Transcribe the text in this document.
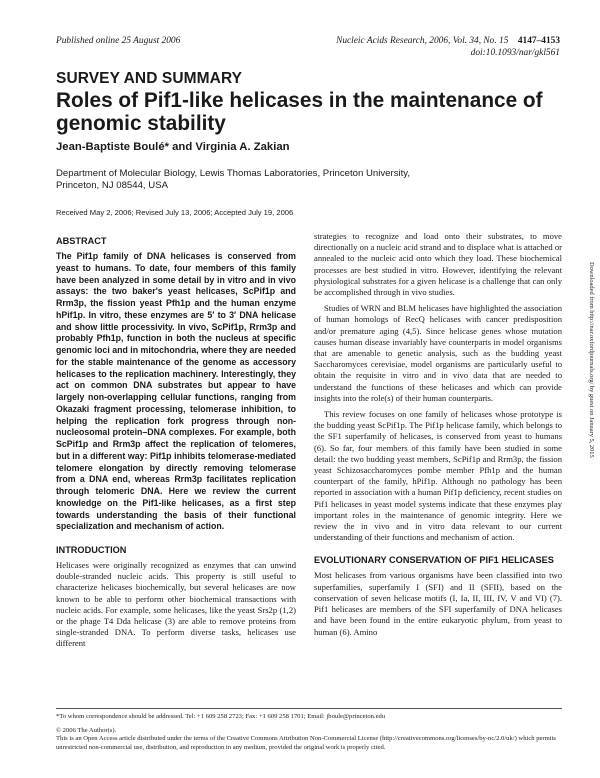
Published online 25 August 2006	Nucleic Acids Research, 2006, Vol. 34, No. 15 4147–4153
doi:10.1093/nar/gkl561
SURVEY AND SUMMARY
Roles of Pif1-like helicases in the maintenance of genomic stability
Jean-Baptiste Boulé* and Virginia A. Zakian
Department of Molecular Biology, Lewis Thomas Laboratories, Princeton University, Princeton, NJ 08544, USA
Received May 2, 2006; Revised July 13, 2006; Accepted July 19, 2006
ABSTRACT

The Pif1p family of DNA helicases is conserved from yeast to humans. To date, four members of this family have been analyzed in some detail by in vitro and in vivo assays: the two baker's yeast helicases, ScPif1p and Rrm3p, the fission yeast Pfh1p and the human enzyme hPif1p. In vitro, these enzymes are 5′ to 3′ DNA helicase and show little processivity. In vivo, ScPif1p, Rrm3p and probably Pfh1p, function in both the nucleus at specific genomic loci and in mitochondria, where they are needed for the stable maintenance of the genome as accessory helicases to the replication machinery. Interestingly, they act on common DNA substrates but appear to have largely non-overlapping cellular functions, ranging from Okazaki fragment processing, telomerase inhibition, to helping the replication fork progress through non-nucleosomal protein–DNA complexes. For example, both ScPif1p and Rrm3p affect the replication of telomeres, but in a different way: Pif1p inhibits telomerase-mediated telomere elongation by directly removing telomerase from a DNA end, whereas Rrm3p facilitates replication through telomeric DNA. Here we review the current knowledge on the Pif1-like helicases, as a first step towards understanding the basis of their functional specialization and mechanism of action.

INTRODUCTION

Helicases were originally recognized as enzymes that can unwind double-stranded nucleic acids. This property is still useful to characterize helicases biochemically, but several helicases are now known to be able to perform other biochemical transactions with nucleic acids. For example, some helicases, like the yeast Srs2p (1,2) or the phage T4 Dda helicase (3) are able to remove proteins from single-stranded DNA. To perform diverse tasks, helicases use different

strategies to recognize and load onto their substrates, to move directionally on a nucleic acid strand and to displace what is attached or annealed to the nucleic acid onto which they load. These biochemical processes are best studied in vitro. However, identifying the relevant physiological substrates for a given helicase is a challenge that can only be accomplished through in vivo studies.

Studies of WRN and BLM helicases have highlighted the association of human homologs of RecQ helicases with cancer predisposition and/or premature aging (4,5). Since helicase genes whose mutation causes human disease invariably have counterparts in model organisms that are amenable to genetic analysis, such as the budding yeast Saccharomyces cerevisiae, model organisms are particularly useful to obtain the requisite in vitro and in vivo data that are needed to understand the functions of these helicases and which can provide insights into the role(s) of their human counterparts.

This review focuses on one family of helicases whose prototype is the budding yeast ScPif1p. The Pif1p helicase family, which belongs to the SF1 superfamily of helicases, is conserved from yeast to humans (6). So far, four members of this family have been studied in some detail: the two budding yeast members, ScPif1p and Rrm3p, the fission yeast Schizosaccharomyces pombe member Pfh1p and the human counterpart of the family, hPif1p. Although no pathology has been reported in association with a human Pif1p deficiency, recent studies on Pif1 helicases in yeast model systems indicate that these enzymes play important roles in the maintenance of genomic integrity. Here we review the in vivo and in vitro data relevant to our current understanding of their functions and mechanism of action.

EVOLUTIONARY CONSERVATION OF PIF1 HELICASES

Most helicases from various organisms have been classified into two superfamilies, superfamily I (SFI) and II (SFII), based on the conservation of seven helicase motifs (I, Ia, II, III, IV, V and VI) (7). Pif1 helicases are members of the SFI superfamily of DNA helicases and have been found in the entire eukaryotic phylum, from yeast to human (6). Amino

Downloaded from http://nar.oxfordjournals.org/ by guest on January 5, 2015

*To whom correspondence should be addressed. Tel: +1 609 258 2723; Fax: +1 609 258 1701; Email: jboule@princeton.edu

© 2006 The Author(s).

This is an Open Access article distributed under the terms of the Creative Commons Attribution Non-Commercial License (http://creativecommons.org/licenses/by-nc/2.0/uk/) which permits unrestricted non-commercial use, distribution, and reproduction in any medium, provided the original work is properly cited.
